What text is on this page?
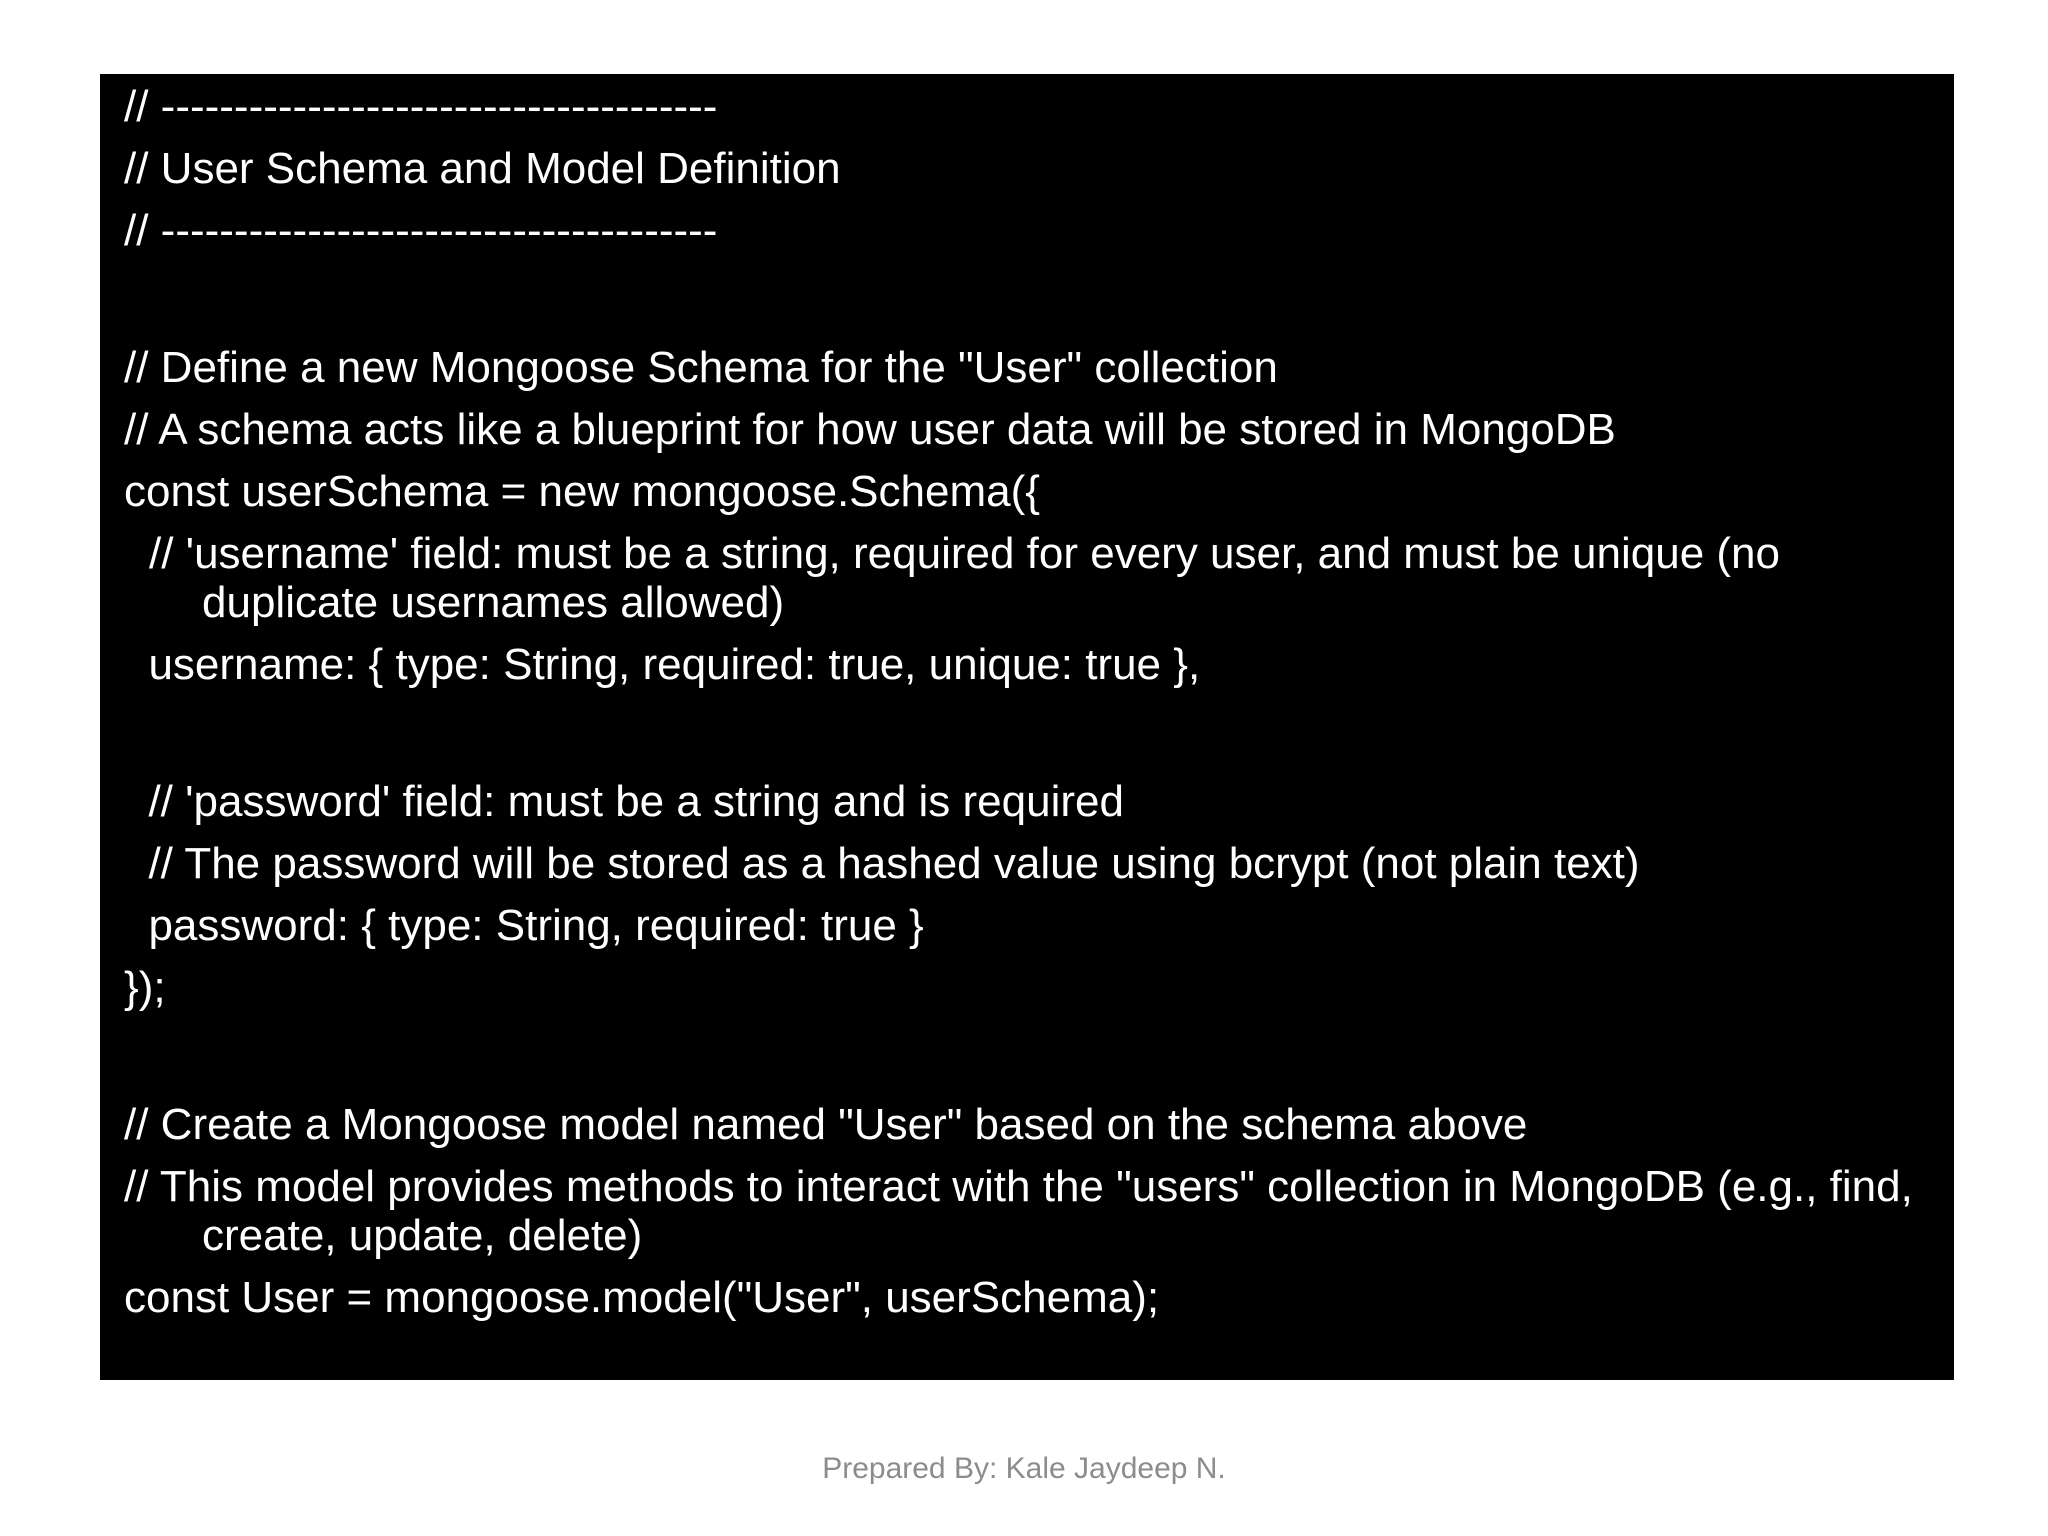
// --------------------------------------
// User Schema and Model Definition
// --------------------------------------
// Define a new Mongoose Schema for the "User" collection
// A schema acts like a blueprint for how user data will be stored in MongoDB
const userSchema = new mongoose.Schema({
// 'username' field: must be a string, required for every user, and must be unique (no duplicate usernames allowed)
username: { type: String, required: true, unique: true },
// 'password' field: must be a string and is required
// The password will be stored as a hashed value using bcrypt (not plain text)
password: { type: String, required: true }
});
// Create a Mongoose model named "User" based on the schema above
// This model provides methods to interact with the "users" collection in MongoDB (e.g., find, create, update, delete)
const User = mongoose.model("User", userSchema);
Prepared By: Kale Jaydeep N.
